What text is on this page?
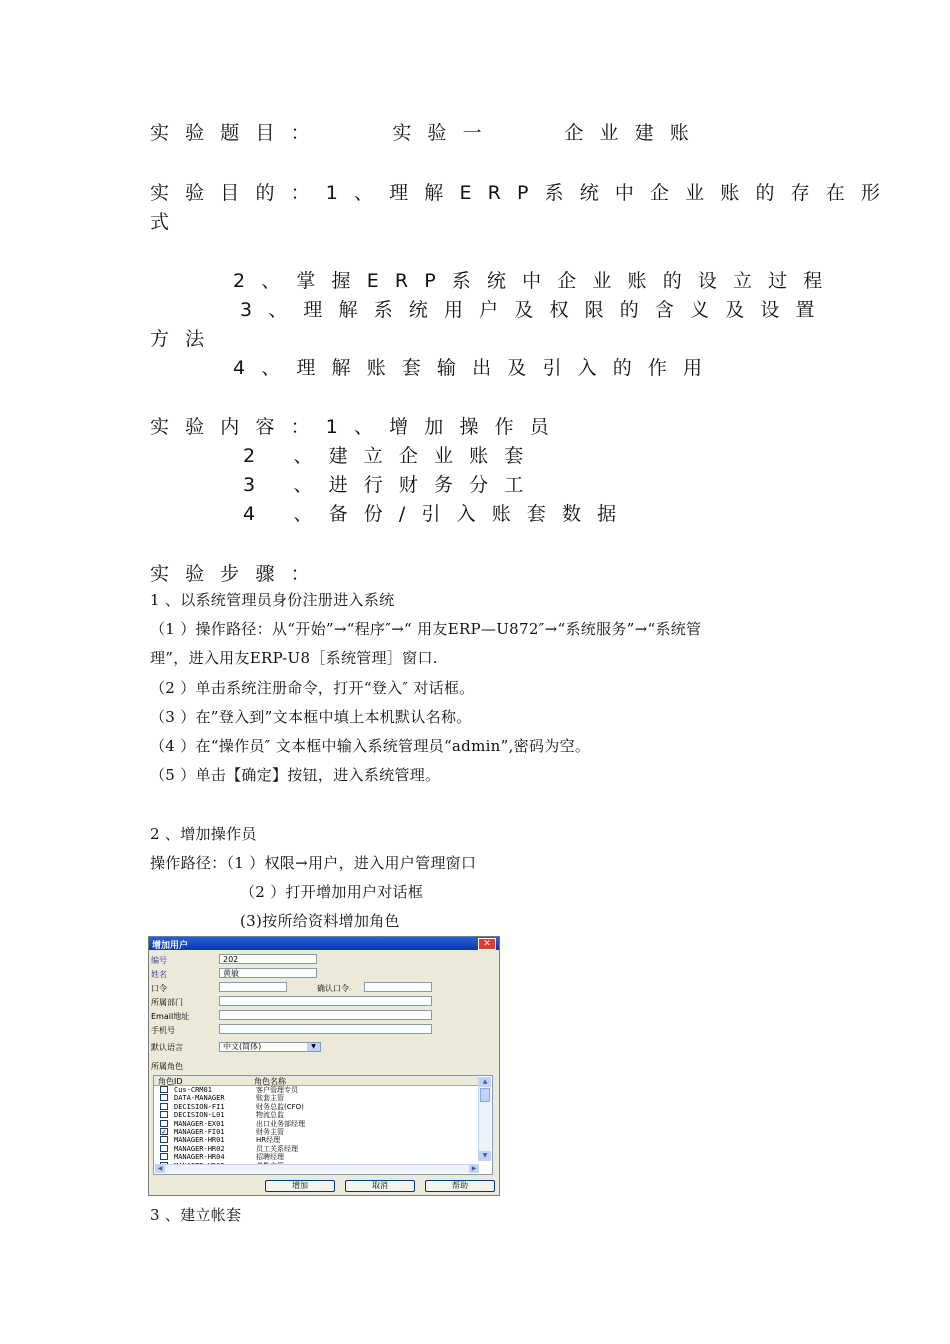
实验题目：   实验一   企业建账
实验目的：1、理解ERP系统中企业账的存在形
式
2、掌握ERP系统中企业账的设立过程
3、理解系统用户及权限的含义及设置
方法
4、理解账套输出及引入的作用
实验内容：1、增加操作员
2 、建立企业账套
3 、进行财务分工
4 、备份/引入账套数据
实验步骤：
1 、以系统管理员身份注册进入系统
（1 ）操作路径：从“开始”→“程序″→“ 用友ERP—U872″→“系统服务”→“系统管
理”，进入用友ERP-U8［系统管理］窗口.
（2 ）单击系统注册命令，打开“登入″ 对话框。
（3 ）在”登入到”文本框中填上本机默认名称。
（4 ）在“操作员″ 文本框中输入系统管理员“admin”,密码为空。
（5 ）单击【确定】按钮，进入系统管理。
2 、增加操作员
操作路径：（1 ）权限→用户，进入用户管理窗口
（2 ）打开增加用户对话框
(3)按所给资料增加角色
增加用户	✕
编号	202
姓名	黄敏
口令	确认口令
所属部门
Email地址
手机号
默认语言	中文(简体)	▼
所属角色
角色ID	角色名称
Cus-CRM01	客户管理专员
DATA-MANAGER	账套主管
DECISION-FI1	财务总监(CFO)
DECISION-L01	物流总监
MANAGER-EX01	出口业务部经理
✓ MANAGER-FI01	财务主管
MANAGER-HR01	HR经理
MANAGER-HR02	员工关系经理
MANAGER-HR04	招聘经理
▲
▼
◀	▶
增加	取消	帮助
3 、建立帐套
